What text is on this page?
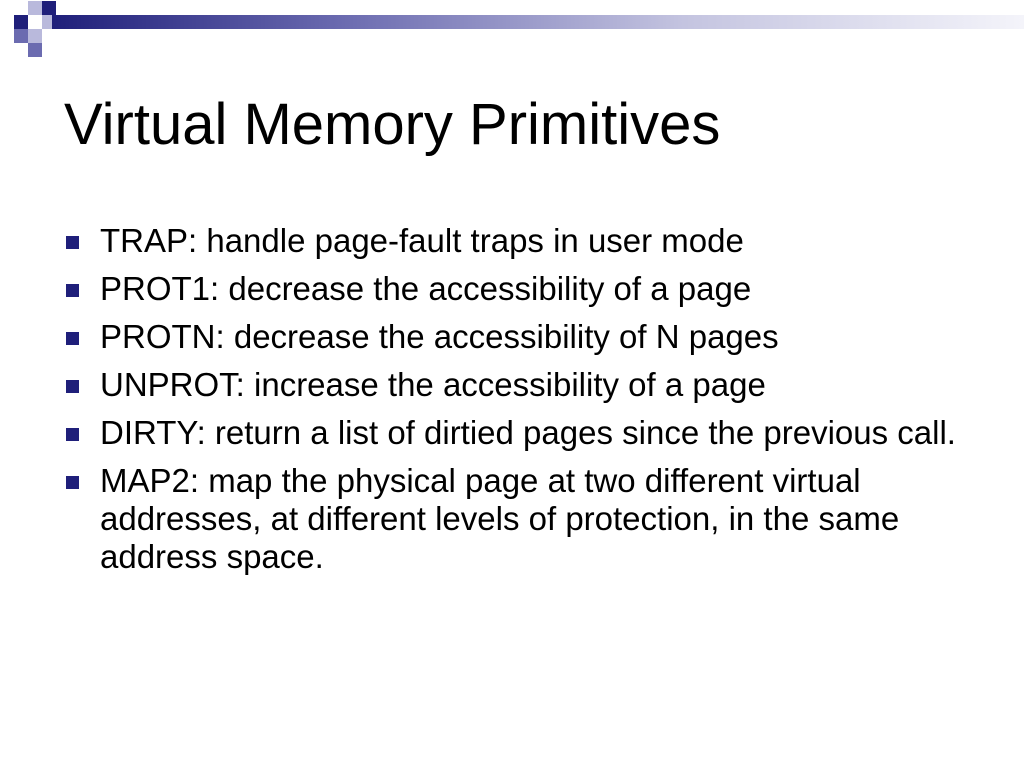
Virtual Memory Primitives
TRAP: handle page-fault traps in user mode
PROT1: decrease the accessibility of a page
PROTN: decrease the accessibility of N pages
UNPROT: increase the accessibility of a page
DIRTY: return a list of dirtied pages since the previous call.
MAP2: map the physical page at two different virtual addresses, at different levels of protection, in the same address space.
